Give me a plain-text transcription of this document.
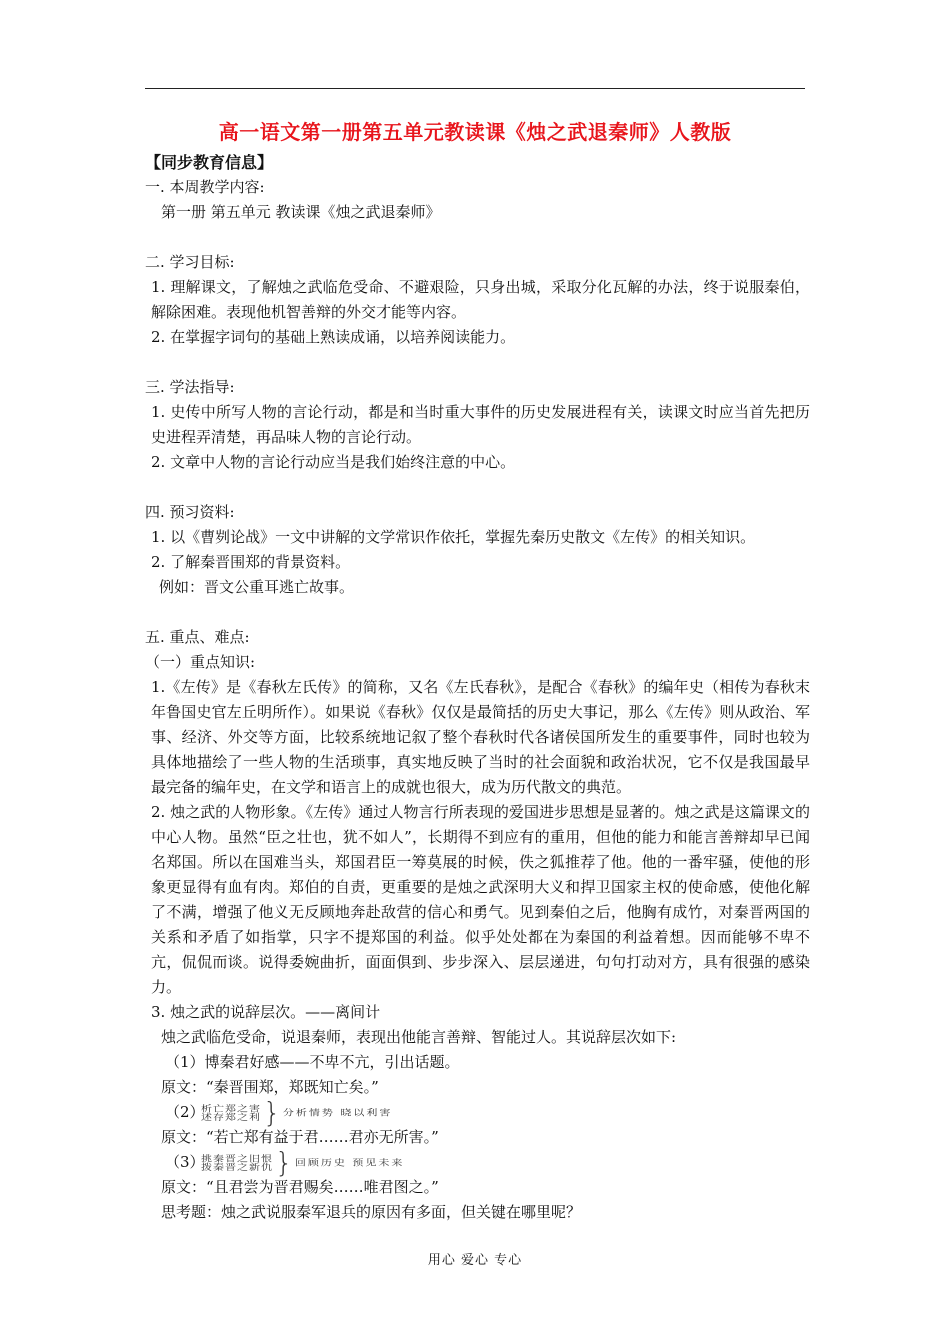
高一语文第一册第五单元教读课《烛之武退秦师》人教版
【同步教育信息】

一. 本周教学内容:

第一册 第五单元 教读课《烛之武退秦师》

二. 学习目标:

1. 理解课文，了解烛之武临危受命、不避艰险，只身出城，采取分化瓦解的办法，终于说服秦伯，解除困难。表现他机智善辩的外交才能等内容。

2. 在掌握字词句的基础上熟读成诵，以培养阅读能力。

三. 学法指导:

1. 史传中所写人物的言论行动，都是和当时重大事件的历史发展进程有关，读课文时应当首先把历史进程弄清楚，再品味人物的言论行动。

2. 文章中人物的言论行动应当是我们始终注意的中心。

四. 预习资料:

1. 以《曹刿论战》一文中讲解的文学常识作依托，掌握先秦历史散文《左传》的相关知识。

2. 了解秦晋围郑的背景资料。

例如：晋文公重耳逃亡故事。

五. 重点、难点:

（一）重点知识:

1.《左传》是《春秋左氏传》的简称，又名《左氏春秋》，是配合《春秋》的编年史（相传为春秋末年鲁国史官左丘明所作）。如果说《春秋》仅仅是最简括的历史大事记，那么《左传》则从政治、军事、经济、外交等方面，比较系统地记叙了整个春秋时代各诸侯国所发生的重要事件，同时也较为具体地描绘了一些人物的生活琐事，真实地反映了当时的社会面貌和政治状况，它不仅是我国最早最完备的编年史，在文学和语言上的成就也很大，成为历代散文的典范。

2. 烛之武的人物形象。《左传》通过人物言行所表现的爱国进步思想是显著的。烛之武是这篇课文的中心人物。虽然“臣之壮也，犹不如人”，长期得不到应有的重用，但他的能力和能言善辩却早已闻名郑国。所以在国难当头，郑国君臣一筹莫展的时候，佚之狐推荐了他。他的一番牢骚，使他的形象更显得有血有肉。郑伯的自责，更重要的是烛之武深明大义和捍卫国家主权的使命感，使他化解了不满，增强了他义无反顾地奔赴敌营的信心和勇气。见到秦伯之后，他胸有成竹，对秦晋两国的关系和矛盾了如指掌，只字不提郑国的利益。似乎处处都在为秦国的利益着想。因而能够不卑不亢，侃侃而谈。说得委婉曲折，面面俱到、步步深入、层层递进，句句打动对方，具有很强的感染力。

3. 烛之武的说辞层次。——离间计

烛之武临危受命，说退秦师，表现出他能言善辩、智能过人。其说辞层次如下:

（1）博秦君好感——不卑不亢，引出话题。

原文：“秦晋围郑，郑既知亡矣。”

（2）
析亡郑之害
述存郑之利 } 分析情势 晓以利害

原文：“若亡郑有益于君……君亦无所害。”

（3）
挑秦晋之旧恨
拨秦晋之新仇 } 回顾历史 预见未来

原文：“且君尝为晋君赐矣……唯君图之。”

思考题：烛之武说服秦军退兵的原因有多面，但关键在哪里呢？

用心 爱心 专心
